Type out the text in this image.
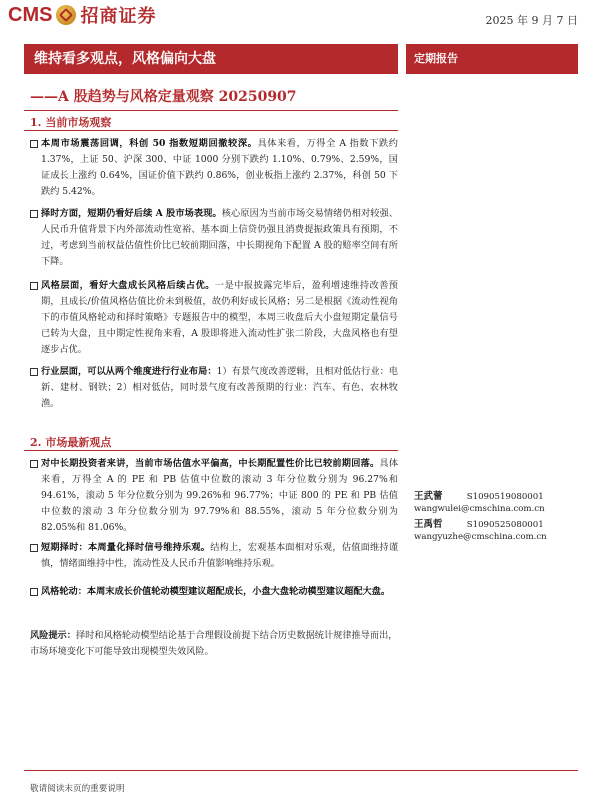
CMS 招商证券	2025 年 9 月 7 日
维持看多观点，风格偏向大盘	定期报告
——A 股趋势与风格定量观察 20250907
1. 当前市场观察
本周市场震荡回调，科创 50 指数短期回撤较深。具体来看，万得全 A 指数下跌约 1.37%，上证 50、沪深 300、中证 1000 分别下跌约 1.10%、0.79%、2.59%，国证成长上涨约 0.64%，国证价值下跌约 0.86%，创业板指上涨约 2.37%，科创 50 下跌约 5.42%。
择时方面，短期仍看好后续 A 股市场表现。核心原因为当前市场交易情绪仍相对较强、人民币升值背景下内外部流动性宽裕、基本面上信贷仍强且消费提振政策具有预期，不过，考虑到当前权益估值性价比已较前期回落，中长期视角下配置 A 股的赔率空间有所下降。
风格层面，看好大盘成长风格后续占优。一是中报披露完毕后，盈利增速维持改善预期，且成长/价值风格估值比价未到极值，故仍利好成长风格；另二是根据《流动性视角下的市值风格轮动和择时策略》专题报告中的模型，本周三收盘后大小盘短期定量信号已转为大盘，且中期定性视角来看，A 股即将进入流动性扩张二阶段，大盘风格也有望逐步占优。
行业层面，可以从两个维度进行行业布局：1）有景气度改善逻辑，且相对低估行业：电新、建材、钢铁；2）相对低估，同时景气度有改善预期的行业：汽车、有色、农林牧渔。
2. 市场最新观点
对中长期投资者来讲，当前市场估值水平偏高，中长期配置性价比已较前期回落。具体来看，万得全 A 的 PE 和 PB 估值中位数的滚动 3 年分位数分别为 96.27%和 94.61%，滚动 5 年分位数分别为 99.26%和 96.77%；中证 800 的 PE 和 PB 估值中位数的滚动 3 年分位数分别为 97.79%和 88.55%，滚动 5 年分位数分别为 82.05%和 81.06%。
短期择时：本周量化择时信号维持乐观。结构上，宏观基本面相对乐观，估值面维持谨慎，情绪面维持中性，流动性及人民币升值影响维持乐观。
风格轮动：本周末成长价值轮动模型建议超配成长，小盘大盘轮动模型建议超配大盘。
风险提示：择时和风格轮动模型结论基于合理假设前提下结合历史数据统计规律推导而出，市场环境变化下可能导致出现模型失效风险。
王武蕾	S1090519080001
wangwulei@cmschina.com.cn
王禹哲	S1090525080001
wangyuzhe@cmschina.com.cn
敬请阅读末页的重要说明
